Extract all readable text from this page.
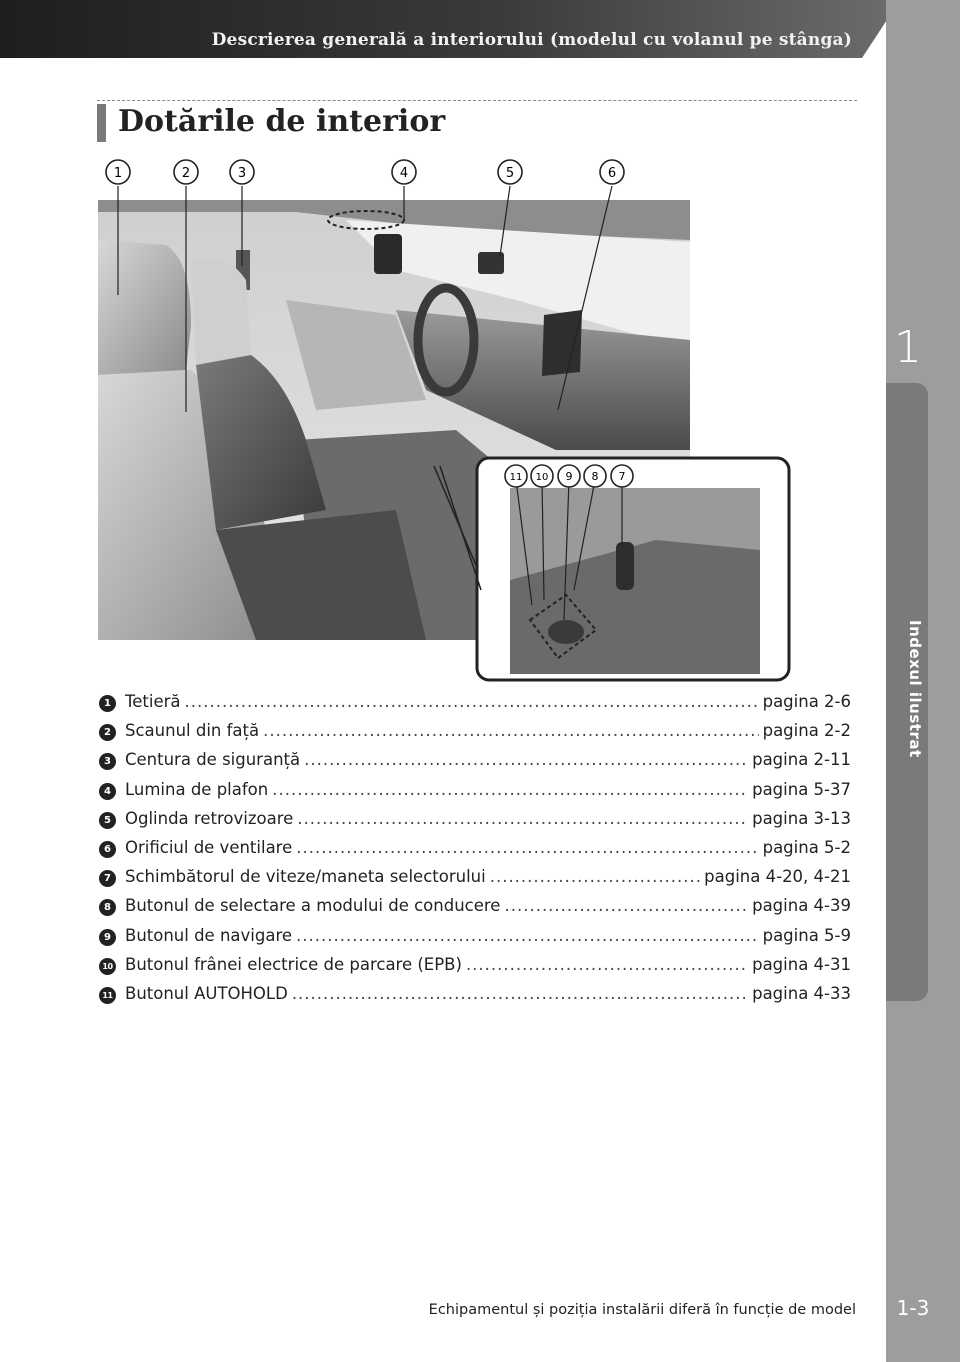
Descrierea generală a interiorului (modelul cu volanul pe stânga)
1
Indexul ilustrat
1-3
Dotările de interior
1	2	3	4	5	6
11 10 9 8 7
1 Tetieră .....	pagina 2-6
2 Scaunul din față .....	pagina 2-2
3 Centura de siguranță .....	pagina 2-11
4 Lumina de plafon .....	pagina 5-37
5 Oglinda retrovizoare .....	pagina 3-13
6 Orificiul de ventilare .....	pagina 5-2
7 Schimbătorul de viteze/maneta selectorului .....	pagina 4-20, 4-21
8 Butonul de selectare a modului de conducere .....	pagina 4-39
9 Butonul de navigare .....	pagina 5-9
10 Butonul frânei electrice de parcare (EPB) .....	pagina 4-31
11 Butonul AUTOHOLD .....	pagina 4-33
Echipamentul și poziția instalării diferă în funcție de model
